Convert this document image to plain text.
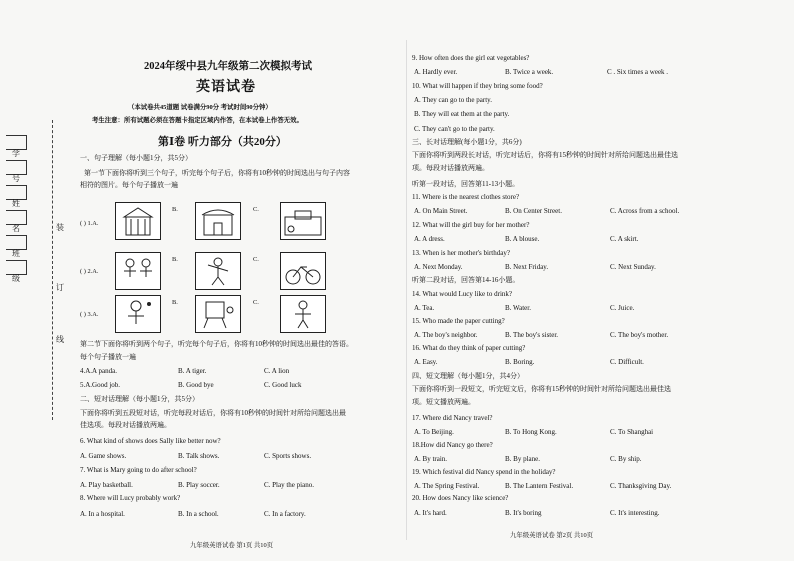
学
号
姓
名	装
班
订
级
线
2024年绥中县九年级第二次模拟考试
英语试卷
（本试卷共45道题 试卷满分90分 考试时间90分钟）
考生注意：所有试题必须在答题卡指定区域内作答，在本试卷上作答无效。
第Ⅰ卷 听力部分（共20分）
一、句子理解（每小题1分，共5分）
第一节下面你将听到三个句子，听完每个句子后，你将有10秒钟的时间选出与句子内容
相符的图片。每个句子播放一遍
( ) 1.A.
B.	C.
( ) 2.A.
B.	C.
( ) 3.A.
B.	C.
第二节下面你将听到两个句子，听完每个句子后，你将有10秒钟的时间选出最佳的答语。
每个句子播放一遍
4.A.A panda.	B. A tiger.	C. A lion
5.A.Good job.	B. Good bye	C. Good luck
二、短对话理解（每小题1分，共5分）
下面你将听到五段短对话，听完每段对话后，你将有10秒钟的时间针对所给问题选出最
佳选项。每段对话播放两遍。
6. What kind of shows does Sally like better now?
A. Game shows.	B. Talk shows.	C. Sports shows.
7. What is Mary going to do after school?
A. Play basketball.	B. Play soccer.	C. Play the piano.
8. Where will Lucy probably work?
A. In a hospital.	B. In a school.	C. In a factory.
九年级英语试卷 第1页 共10页
9. How often does the girl eat vegetables?
A. Hardly ever.	B. Twice a week.	C . Six times a week .
10. What will happen if they bring some food?
A. They can go to the party.
B. They will eat them at the party.
C. They can't go to the party.
三、长对话理解(每小题1分，共6分)
下面你将听到两段长对话，听完对话后，你将有15秒钟的时间针对所给问题选出最佳选
项。每段对话播放两遍。
听第一段对话，回答第11-13小题。
11. Where is the nearest clothes store?
A. On Main Street.	B. On Center Street.	C. Across from a school.
12. What will the girl buy for her mother?
A. A dress.	B. A blouse.	C. A skirt.
13. When is her mother's birthday?
A. Next Monday.	B. Next Friday.	C. Next Sunday.
听第二段对话，回答第14-16小题。
14. What would Lucy like to drink?
A. Tea.	B. Water.	C. Juice.
15. Who made the paper cutting?
A. The boy's neighbor.	B. The boy's sister.	C. The boy's mother.
16. What do they think of paper cutting?
A. Easy.	B. Boring.	C. Difficult.
四、短文理解（每小题1分，共4分）
下面你将听到一段短文，听完短文后，你将有15秒钟的时间针对所给问题选出最佳选
项。短文播放两遍。
17. Where did Nancy travel?
A. To Beijing.	B. To Hong Kong.	C. To Shanghai
18.How did Nancy go there?
A. By train.	B. By plane.	C. By ship.
19. Which festival did Nancy spend in the holiday?
A. The Spring Festival.	B. The Lantern Festival.	C. Thanksgiving Day.
20. How does Nancy like science?
A. It's hard.	B. It's boring	C. It's interesting.
九年级英语试卷 第2页 共10页
